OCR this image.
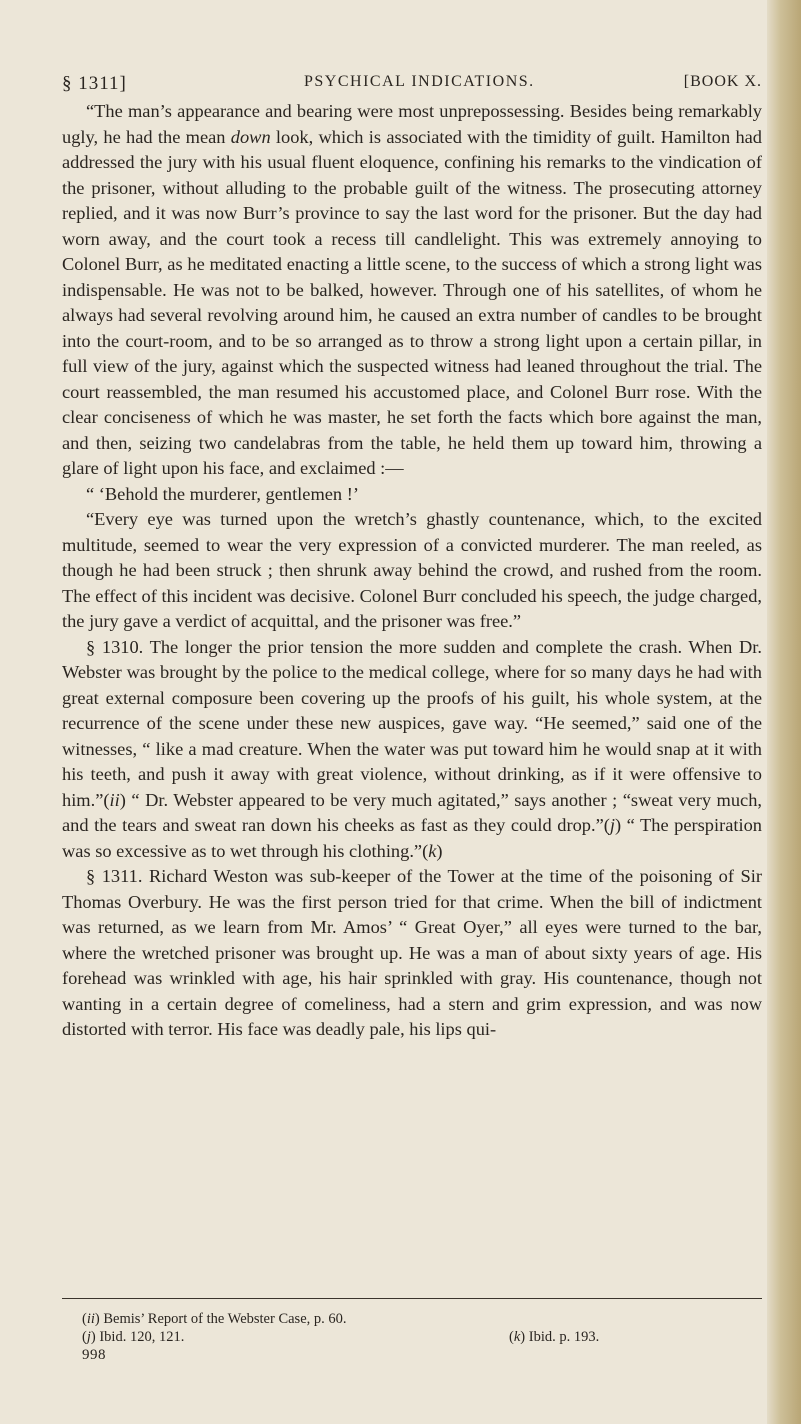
§ 1311]	PSYCHICAL INDICATIONS.	[BOOK X.

“The man’s appearance and bearing were most unprepossessing. Besides being remarkably ugly, he had the mean down look, which is associated with the timidity of guilt. Hamilton had addressed the jury with his usual fluent eloquence, confining his remarks to the vindication of the prisoner, without alluding to the probable guilt of the witness. The prosecuting attorney replied, and it was now Burr’s province to say the last word for the prisoner. But the day had worn away, and the court took a recess till candlelight. This was extremely annoying to Colonel Burr, as he meditated enacting a little scene, to the success of which a strong light was indispensable. He was not to be balked, however. Through one of his satellites, of whom he always had several revolving around him, he caused an extra number of candles to be brought into the court-room, and to be so arranged as to throw a strong light upon a certain pillar, in full view of the jury, against which the suspected witness had leaned throughout the trial. The court reassembled, the man resumed his accustomed place, and Colonel Burr rose. With the clear conciseness of which he was master, he set forth the facts which bore against the man, and then, seizing two candelabras from the table, he held them up toward him, throwing a glare of light upon his face, and exclaimed :—

“ ‘Behold the murderer, gentlemen !’

“Every eye was turned upon the wretch’s ghastly countenance, which, to the excited multitude, seemed to wear the very expression of a convicted murderer. The man reeled, as though he had been struck ; then shrunk away behind the crowd, and rushed from the room. The effect of this incident was decisive. Colonel Burr concluded his speech, the judge charged, the jury gave a verdict of acquittal, and the prisoner was free.”

§ 1310. The longer the prior tension the more sudden and complete the crash. When Dr. Webster was brought by the police to the medical college, where for so many days he had with great external composure been covering up the proofs of his guilt, his whole system, at the recurrence of the scene under these new auspices, gave way. “He seemed,” said one of the witnesses, “ like a mad creature. When the water was put toward him he would snap at it with his teeth, and push it away with great violence, without drinking, as if it were offensive to him.”(ii) “ Dr. Webster appeared to be very much agitated,” says another ; “sweat very much, and the tears and sweat ran down his cheeks as fast as they could drop.”(j) “ The perspiration was so excessive as to wet through his clothing.”(k)

§ 1311. Richard Weston was sub-keeper of the Tower at the time of the poisoning of Sir Thomas Overbury. He was the first person tried for that crime. When the bill of indictment was returned, as we learn from Mr. Amos’ “ Great Oyer,” all eyes were turned to the bar, where the wretched prisoner was brought up. He was a man of about sixty years of age. His forehead was wrinkled with age, his hair sprinkled with gray. His countenance, though not wanting in a certain degree of comeliness, had a stern and grim expression, and was now distorted with terror. His face was deadly pale, his lips qui-

(ii) Bemis’ Report of the Webster Case, p. 60.
(j) Ibid. 120, 121.	(k) Ibid. p. 193.
998
